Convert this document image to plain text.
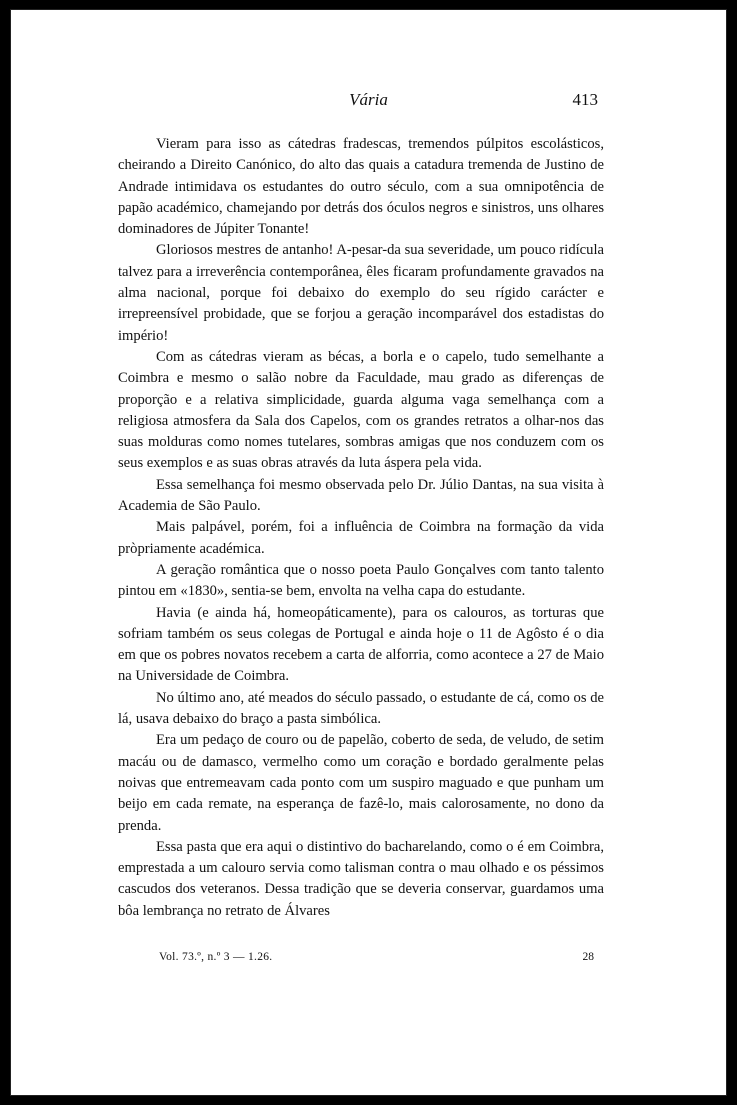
Vária	413

Vieram para isso as cátedras fradescas, tremendos púlpitos escolásticos, cheirando a Direito Canónico, do alto das quais a catadura tremenda de Justino de Andrade intimidava os estudantes do outro século, com a sua omnipotência de papão académico, chamejando por detrás dos óculos negros e sinistros, uns olhares dominadores de Júpiter Tonante!

Gloriosos mestres de antanho! A-pesar-da sua severidade, um pouco ridícula talvez para a irreverência contemporânea, êles ficaram profundamente gravados na alma nacional, porque foi debaixo do exemplo do seu rígido carácter e irrepreensível probidade, que se forjou a geração incomparável dos estadistas do império!

Com as cátedras vieram as bécas, a borla e o capelo, tudo semelhante a Coimbra e mesmo o salão nobre da Faculdade, mau grado as diferenças de proporção e a relativa simplicidade, guarda alguma vaga semelhança com a religiosa atmosfera da Sala dos Capelos, com os grandes retratos a olhar-nos das suas molduras como nomes tutelares, sombras amigas que nos conduzem com os seus exemplos e as suas obras através da luta áspera pela vida.

Essa semelhança foi mesmo observada pelo Dr. Júlio Dantas, na sua visita à Academia de São Paulo.

Mais palpável, porém, foi a influência de Coimbra na formação da vida pròpriamente académica.

A geração romântica que o nosso poeta Paulo Gonçalves com tanto talento pintou em «1830», sentia-se bem, envolta na velha capa do estudante.

Havia (e ainda há, homeopáticamente), para os calouros, as torturas que sofriam também os seus colegas de Portugal e ainda hoje o 11 de Agôsto é o dia em que os pobres novatos recebem a carta de alforria, como acontece a 27 de Maio na Universidade de Coimbra.

No último ano, até meados do século passado, o estudante de cá, como os de lá, usava debaixo do braço a pasta simbólica.

Era um pedaço de couro ou de papelão, coberto de seda, de veludo, de setim macáu ou de damasco, vermelho como um coração e bordado geralmente pelas noivas que entremeavam cada ponto com um suspiro maguado e que punham um beijo em cada remate, na esperança de fazê-lo, mais calorosamente, no dono da prenda.

Essa pasta que era aqui o distintivo do bacharelando, como o é em Coimbra, emprestada a um calouro servia como talisman contra o mau olhado e os péssimos cascudos dos veteranos. Dessa tradição que se deveria conservar, guardamos uma bôa lembrança no retrato de Álvares

Vol. 73.º, n.º 3 — 1.26.	28
